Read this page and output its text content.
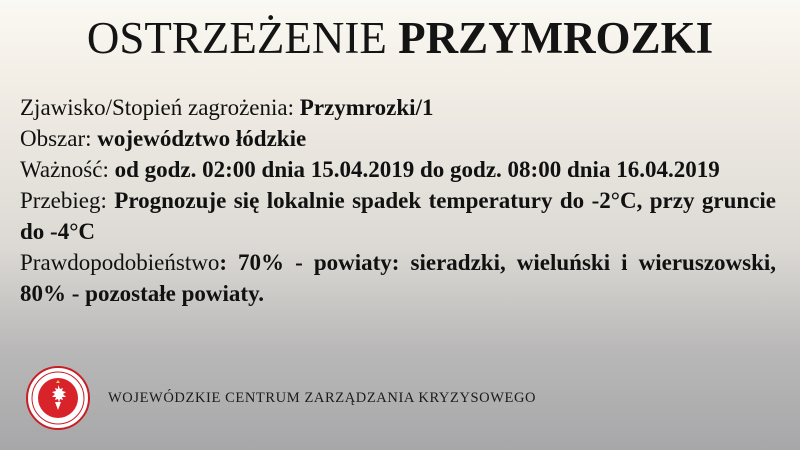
OSTRZEŻENIE PRZYMROZKI

Zjawisko/Stopień zagrożenia: Przymrozki/1

Obszar: województwo łódzkie

Ważność: od godz. 02:00 dnia 15.04.2019 do godz. 08:00 dnia 16.04.2019

Przebieg: Prognozuje się lokalnie spadek temperatury do -2°C, przy gruncie do -4°C

Prawdopodobieństwo: 70% - powiaty: sieradzki, wieluński i wieruszowski, 80% - pozostałe powiaty.

WOJEWÓDZKIE CENTRUM ZARZĄDZANIA KRYZYSOWEGO
